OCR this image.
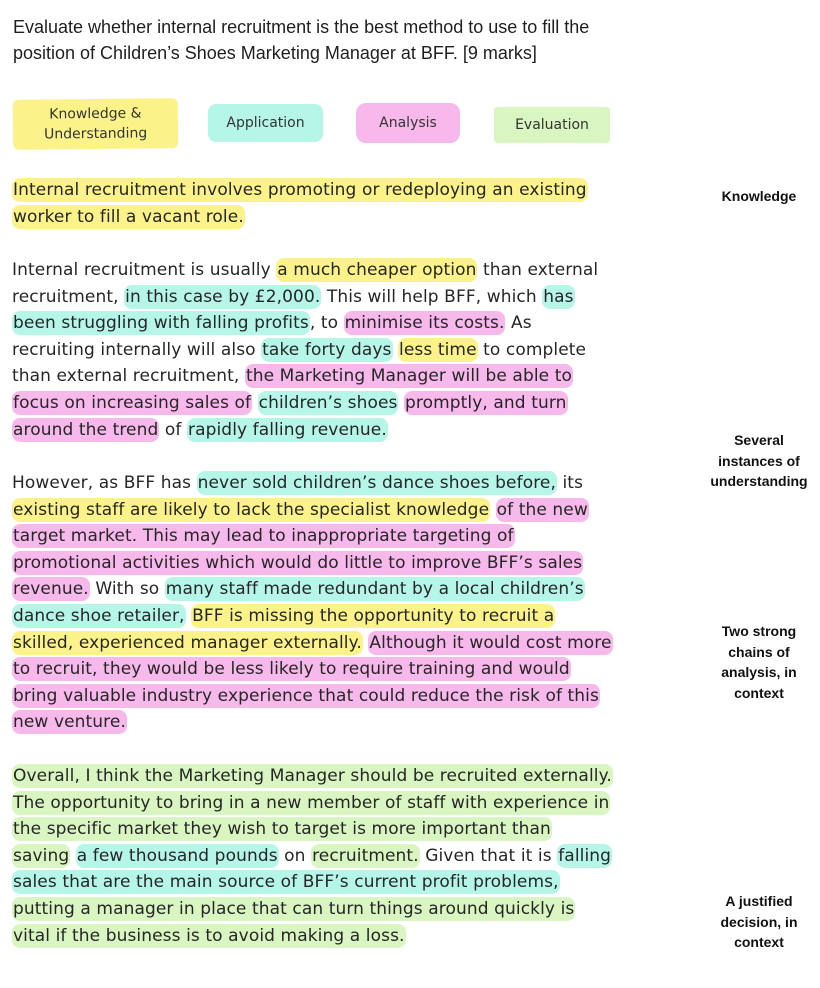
Evaluate whether internal recruitment is the best method to use to fill the position of Children’s Shoes Marketing Manager at BFF. [9 marks]
Knowledge & Understanding
Application	Analysis	Evaluation
Internal recruitment involves promoting or redeploying an existing worker to fill a vacant role.
Internal recruitment is usually a much cheaper option than external recruitment, in this case by £2,000. This will help BFF, which has been struggling with falling profits, to minimise its costs. As recruiting internally will also take forty days less time to complete than external recruitment, the Marketing Manager will be able to focus on increasing sales of children’s shoes promptly, and turn around the trend of rapidly falling revenue.
However, as BFF has never sold children’s dance shoes before, its existing staff are likely to lack the specialist knowledge of the new target market. This may lead to inappropriate targeting of promotional activities which would do little to improve BFF’s sales revenue. With so many staff made redundant by a local children’s dance shoe retailer, BFF is missing the opportunity to recruit a skilled, experienced manager externally. Although it would cost more to recruit, they would be less likely to require training and would bring valuable industry experience that could reduce the risk of this new venture.
Overall, I think the Marketing Manager should be recruited externally. The opportunity to bring in a new member of staff with experience in the specific market they wish to target is more important than saving a few thousand pounds on recruitment. Given that it is falling sales that are the main source of BFF’s current profit problems, putting a manager in place that can turn things around quickly is vital if the business is to avoid making a loss.
Knowledge
Several instances of understanding
Two strong chains of analysis, in context
A justified decision, in context
